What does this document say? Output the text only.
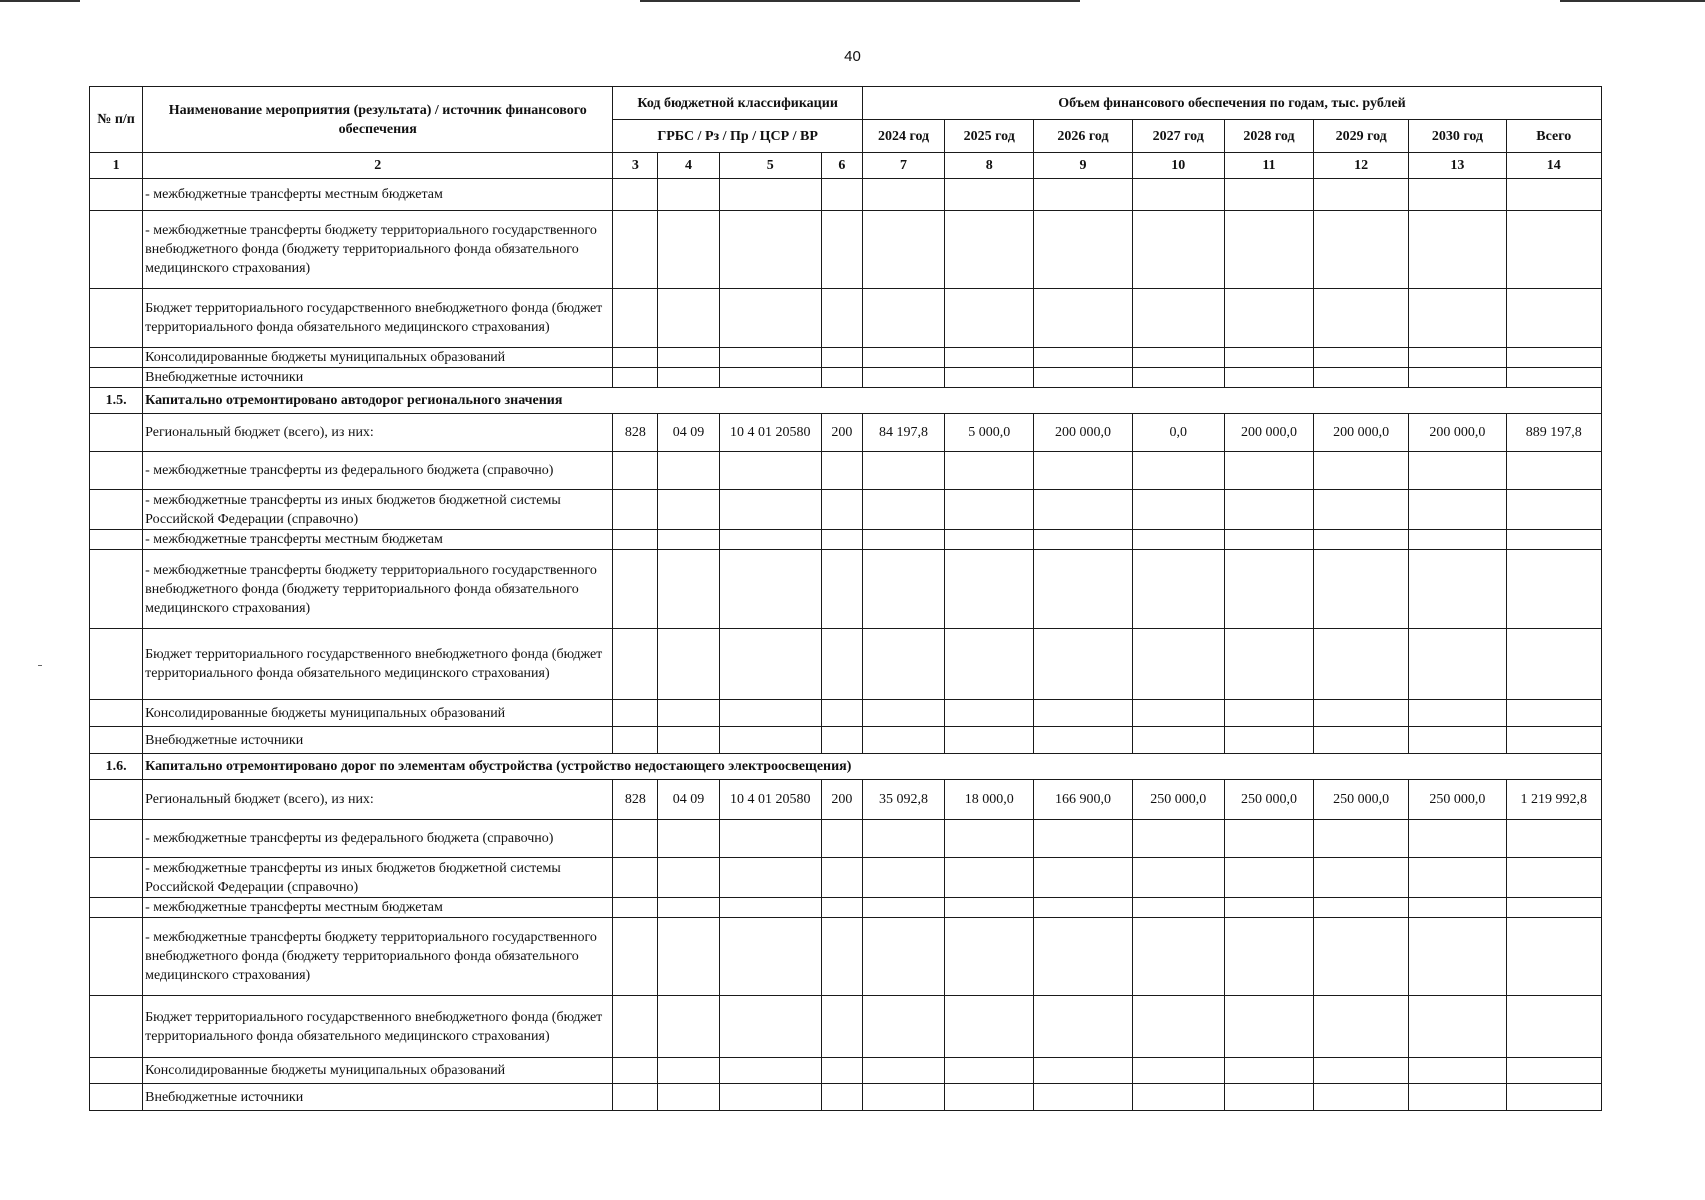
40
№ п/п	Наименование мероприятия (результата) / источник финансового обеспечения	Код бюджетной классификации				Объем финансового обеспечения по годам, тыс. рублей							
		ГРБС / Рз / Пр / ЦСР / ВР				2024 год	2025 год	2026 год	2027 год	2028 год	2029 год	2030 год	Всего
1	2	3	4	5	6	7	8	9	10	11	12	13	14
	- межбюджетные трансферты местным бюджетам												
	- межбюджетные трансферты бюджету территориального государственного внебюджетного фонда (бюджету территориального фонда обязательного медицинского страхования)												
	Бюджет территориального государственного внебюджетного фонда (бюджет территориального фонда обязательного медицинского страхования)												
	Консолидированные бюджеты муниципальных образований												
	Внебюджетные источники												
1.5.	Капитально отремонтировано автодорог регионального значения												
	Региональный бюджет (всего), из них:	828	04 09	10 4 01 20580	200	84 197,8	5 000,0	200 000,0	0,0	200 000,0	200 000,0	200 000,0	889 197,8
	- межбюджетные трансферты из федерального бюджета (справочно)												
	- межбюджетные трансферты из иных бюджетов бюджетной системы Российской Федерации (справочно)												
	- межбюджетные трансферты местным бюджетам												
	- межбюджетные трансферты бюджету территориального государственного внебюджетного фонда (бюджету территориального фонда обязательного медицинского страхования)												
	Бюджет территориального государственного внебюджетного фонда (бюджет территориального фонда обязательного медицинского страхования)												
	Консолидированные бюджеты муниципальных образований												
	Внебюджетные источники												
1.6.	Капитально отремонтировано дорог по элементам обустройства (устройство недостающего электроосвещения)												
	Региональный бюджет (всего), из них:	828	04 09	10 4 01 20580	200	35 092,8	18 000,0	166 900,0	250 000,0	250 000,0	250 000,0	250 000,0	1 219 992,8
	- межбюджетные трансферты из федерального бюджета (справочно)												
	- межбюджетные трансферты из иных бюджетов бюджетной системы Российской Федерации (справочно)												
	- межбюджетные трансферты местным бюджетам												
	- межбюджетные трансферты бюджету территориального государственного внебюджетного фонда (бюджету территориального фонда обязательного медицинского страхования)												
	Бюджет территориального государственного внебюджетного фонда (бюджет территориального фонда обязательного медицинского страхования)												
	Консолидированные бюджеты муниципальных образований												
	Внебюджетные источники												
